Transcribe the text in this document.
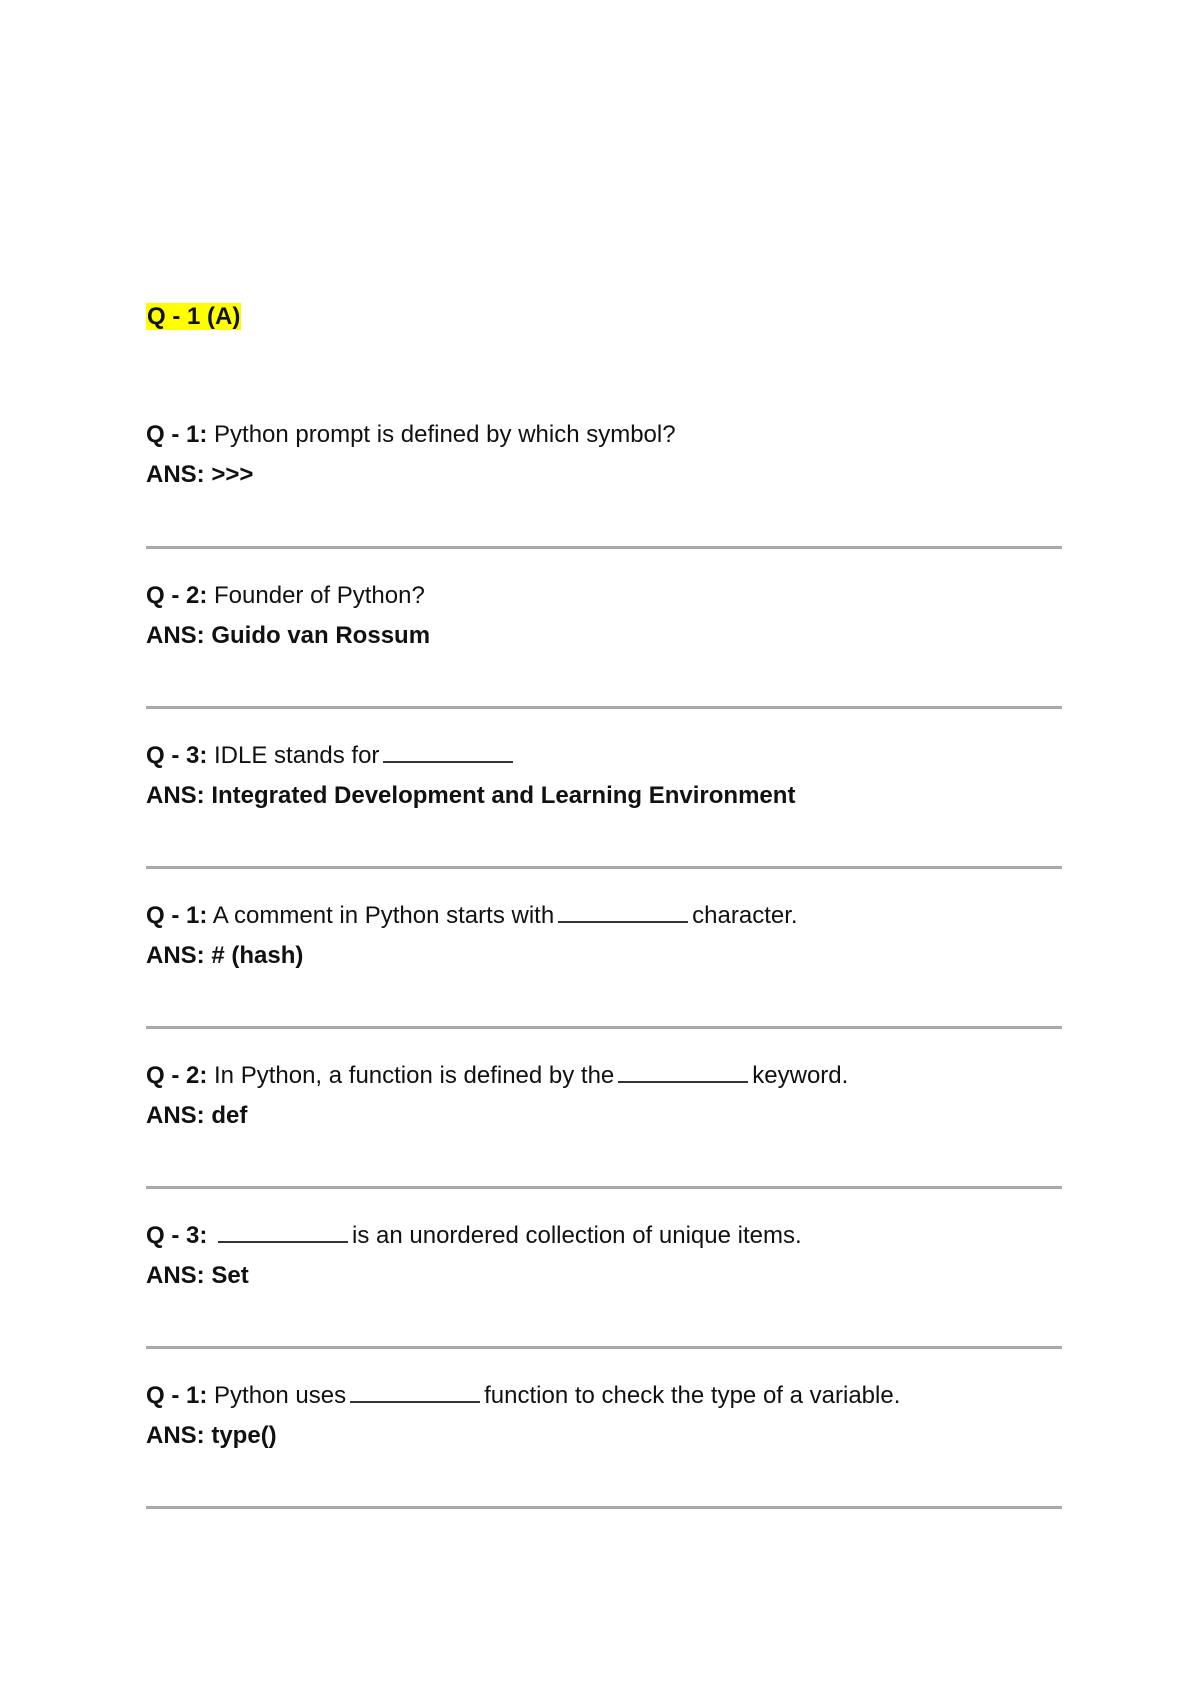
Q - 1 (A)
Q - 1: Python prompt is defined by which symbol?
ANS: >>>
Q - 2: Founder of Python?
ANS: Guido van Rossum
Q - 3: IDLE stands for
ANS: Integrated Development and Learning Environment
Q - 1: A comment in Python starts with	character.
ANS: # (hash)
Q - 2: In Python, a function is defined by the	keyword.
ANS: def
Q - 3:	is an unordered collection of unique items.
ANS: Set
Q - 1: Python uses	function to check the type of a variable.
ANS: type()
